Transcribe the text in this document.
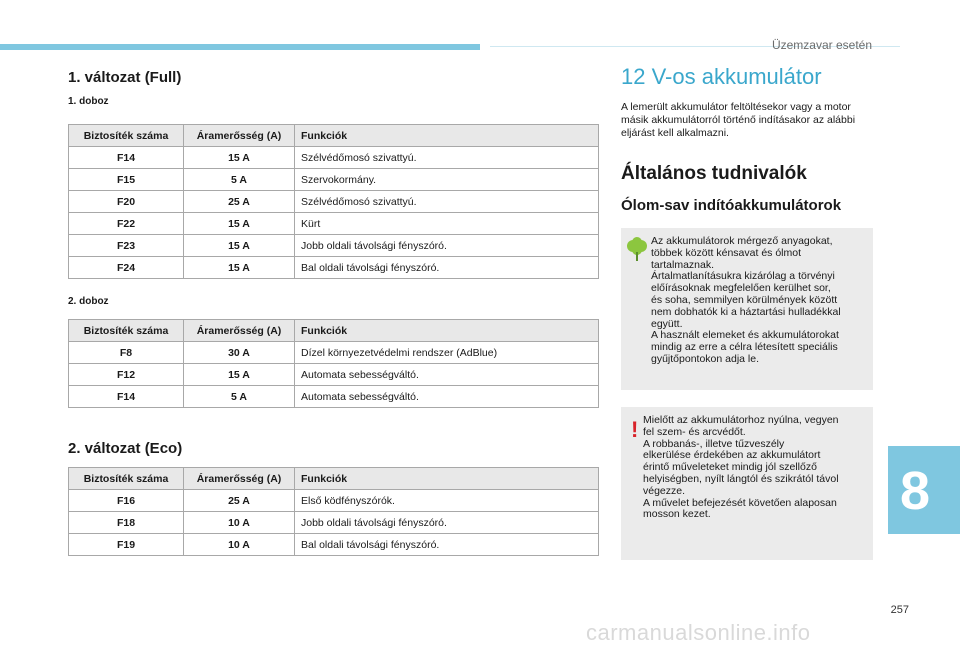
Üzemzavar esetén
1. változat (Full)
1. doboz
Biztosíték száma	Áramerősség (A)	Funkciók
F14	15 A	Szélvédőmosó szivattyú.
F15	5 A	Szervokormány.
F20	25 A	Szélvédőmosó szivattyú.
F22	15 A	Kürt
F23	15 A	Jobb oldali távolsági fényszóró.
F24	15 A	Bal oldali távolsági fényszóró.
2. doboz
Biztosíték száma	Áramerősség (A)	Funkciók
F8	30 A	Dízel környezetvédelmi rendszer (AdBlue)
F12	15 A	Automata sebességváltó.
F14	5 A	Automata sebességváltó.
2. változat (Eco)
Biztosíték száma	Áramerősség (A)	Funkciók
F16	25 A	Első ködfényszórók.
F18	10 A	Jobb oldali távolsági fényszóró.
F19	10 A	Bal oldali távolsági fényszóró.
12 V-os akkumulátor
A lemerült akkumulátor feltöltésekor vagy a motor másik akkumulátorról történő indításakor az alábbi eljárást kell alkalmazni.
Általános tudnivalók
Ólom-sav indítóakkumulátorok
Az akkumulátorok mérgező anyagokat,
többek között kénsavat és ólmot
tartalmaznak.
Ártalmatlanításukra kizárólag a törvényi
előírásoknak megfelelően kerülhet sor,
és soha, semmilyen körülmények között
nem dobhatók ki a háztartási hulladékkal
együtt.
A használt elemeket és akkumulátorokat
mindig az erre a célra létesített speciális
gyűjtőpontokon adja le.
! Mielőtt az akkumulátorhoz nyúlna, vegyen
fel szem- és arcvédőt.
A robbanás-, illetve tűzveszély
elkerülése érdekében az akkumulátort
érintő műveleteket mindig jól szellőző
helyiségben, nyílt lángtól és szikrától távol
végezze.
A művelet befejezését követően alaposan
mosson kezet.	8
257
carmanualsonline.info
